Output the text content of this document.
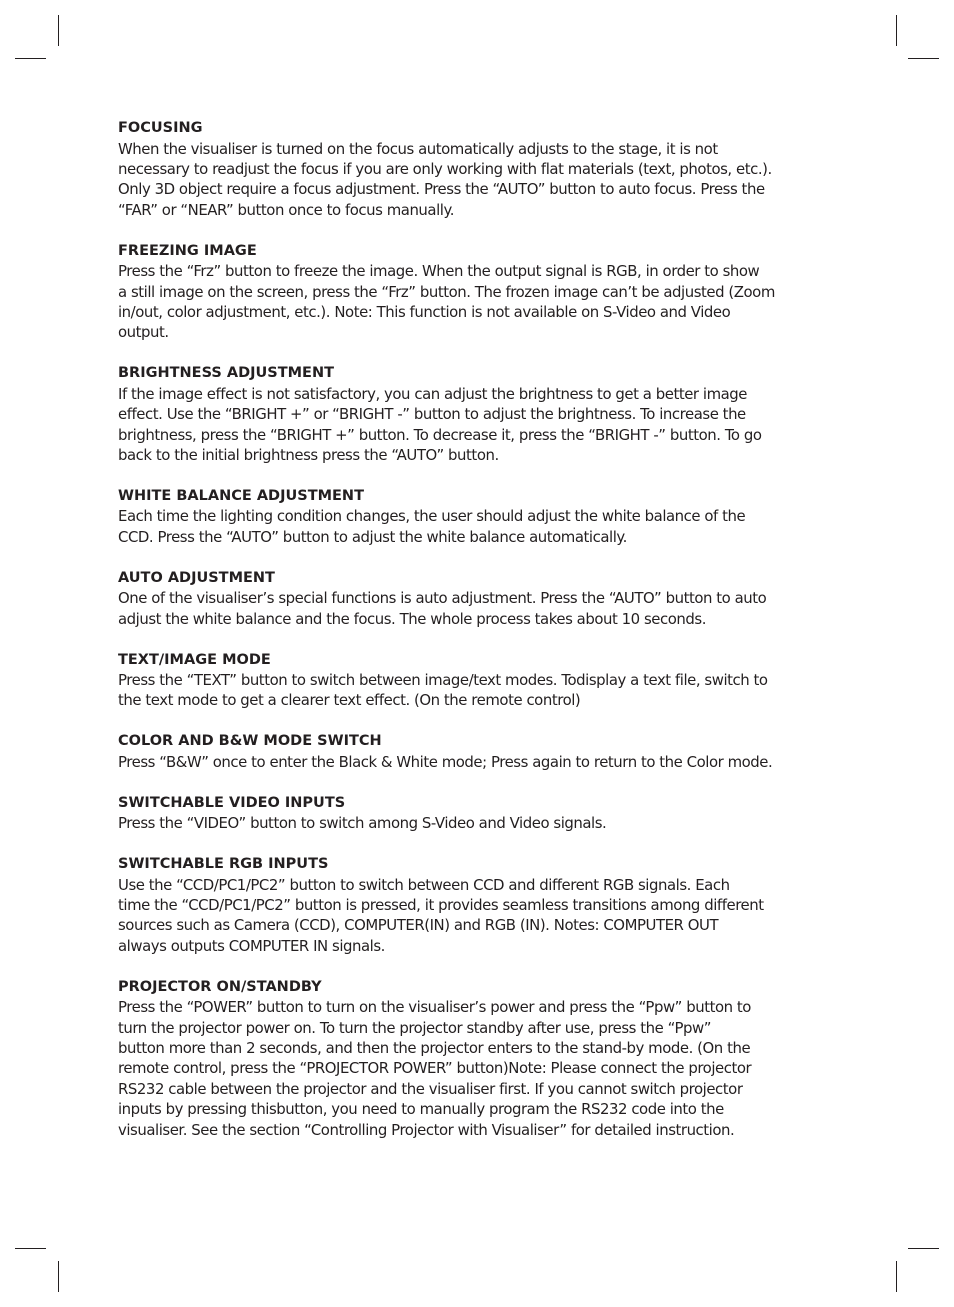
FOCUSING

When the visualiser is turned on the focus automatically adjusts to the stage, it is not
necessary to readjust the focus if you are only working with flat materials (text, photos, etc.).
Only 3D object require a focus adjustment. Press the “AUTO” button to auto focus. Press the
“FAR” or “NEAR” button once to focus manually.

FREEZING IMAGE

Press the “Frz” button to freeze the image. When the output signal is RGB, in order to show
a still image on the screen, press the “Frz” button. The frozen image can’t be adjusted (Zoom
in/out, color adjustment, etc.). Note: This function is not available on S-Video and Video
output.

BRIGHTNESS ADJUSTMENT

If the image effect is not satisfactory, you can adjust the brightness to get a better image
effect. Use the “BRIGHT +” or “BRIGHT -” button to adjust the brightness. To increase the
brightness, press the “BRIGHT +” button. To decrease it, press the “BRIGHT -” button. To go
back to the initial brightness press the “AUTO” button.

WHITE BALANCE ADJUSTMENT

Each time the lighting condition changes, the user should adjust the white balance of the
CCD. Press the “AUTO” button to adjust the white balance automatically.

AUTO ADJUSTMENT

One of the visualiser’s special functions is auto adjustment. Press the “AUTO” button to auto
adjust the white balance and the focus. The whole process takes about 10 seconds.

TEXT/IMAGE MODE

Press the “TEXT” button to switch between image/text modes. Todisplay a text file, switch to
the text mode to get a clearer text effect. (On the remote control)

COLOR AND B&W MODE SWITCH

Press “B&W” once to enter the Black & White mode; Press again to return to the Color mode.

SWITCHABLE VIDEO INPUTS

Press the “VIDEO” button to switch among S-Video and Video signals.

SWITCHABLE RGB INPUTS

Use the “CCD/PC1/PC2” button to switch between CCD and different RGB signals. Each
time the “CCD/PC1/PC2” button is pressed, it provides seamless transitions among different
sources such as Camera (CCD), COMPUTER(IN) and RGB (IN). Notes: COMPUTER OUT
always outputs COMPUTER IN signals.

PROJECTOR ON/STANDBY

Press the “POWER” button to turn on the visualiser’s power and press the “Ppw” button to
turn the projector power on. To turn the projector standby after use, press the “Ppw”
button more than 2 seconds, and then the projector enters to the stand-by mode. (On the
remote control, press the “PROJECTOR POWER” button)Note: Please connect the projector
RS232 cable between the projector and the visualiser first. If you cannot switch projector
inputs by pressing thisbutton, you need to manually program the RS232 code into the
visualiser. See the section “Controlling Projector with Visualiser” for detailed instruction.
